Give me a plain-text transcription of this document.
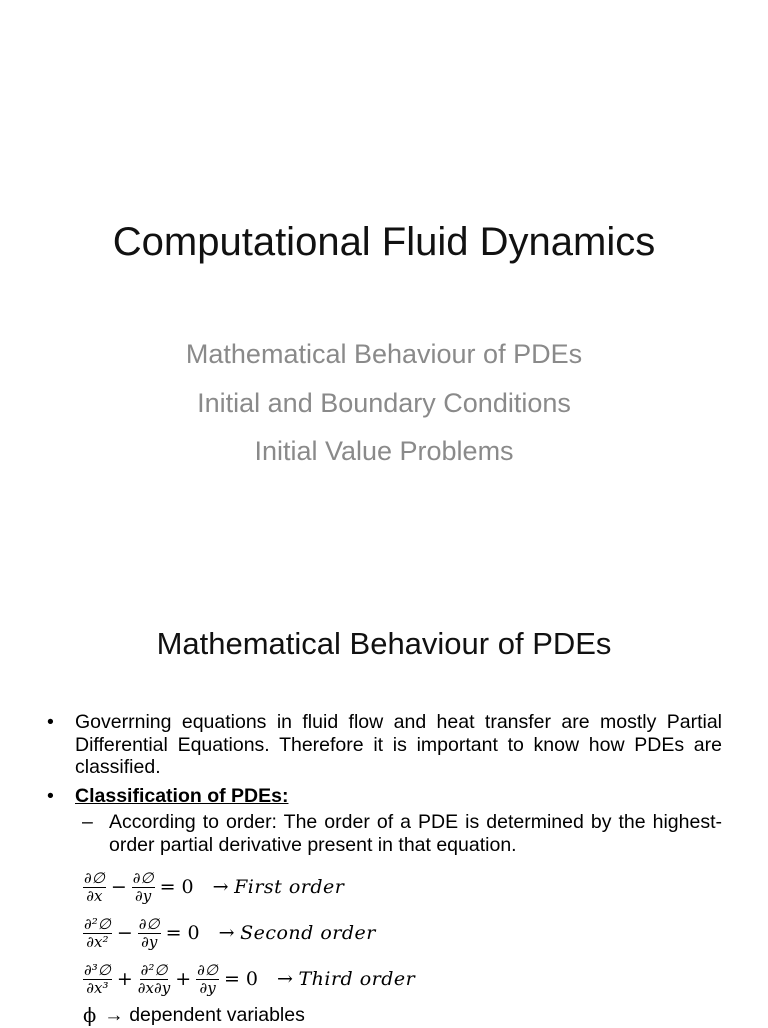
Computational Fluid Dynamics
Mathematical Behaviour of PDEs
Initial and Boundary Conditions
Initial Value Problems
Mathematical Behaviour of PDEs
• Goverrning equations in fluid flow and heat transfer are mostly Partial Differential Equations. Therefore it is important to know how PDEs are classified.
• Classification of PDEs:
– According to order: The order of a PDE is determined by the highest-order partial derivative present in that equation.
$\frac{\partial\emptyset}{\partial x} - \frac{\partial\emptyset}{\partial y} = 0$ → First order
$\frac{\text{∂²∅}}{\text{∂x²}} - \frac{\partial\emptyset}{\partial y} = 0$ → Second order
$\frac{\text{∂³∅}}{\text{∂x³}} + \frac{\text{∂²∅}}{\partial x\partial y} + \frac{\partial\emptyset}{\partial y} = 0$ → Third order
ϕ → dependent variables
